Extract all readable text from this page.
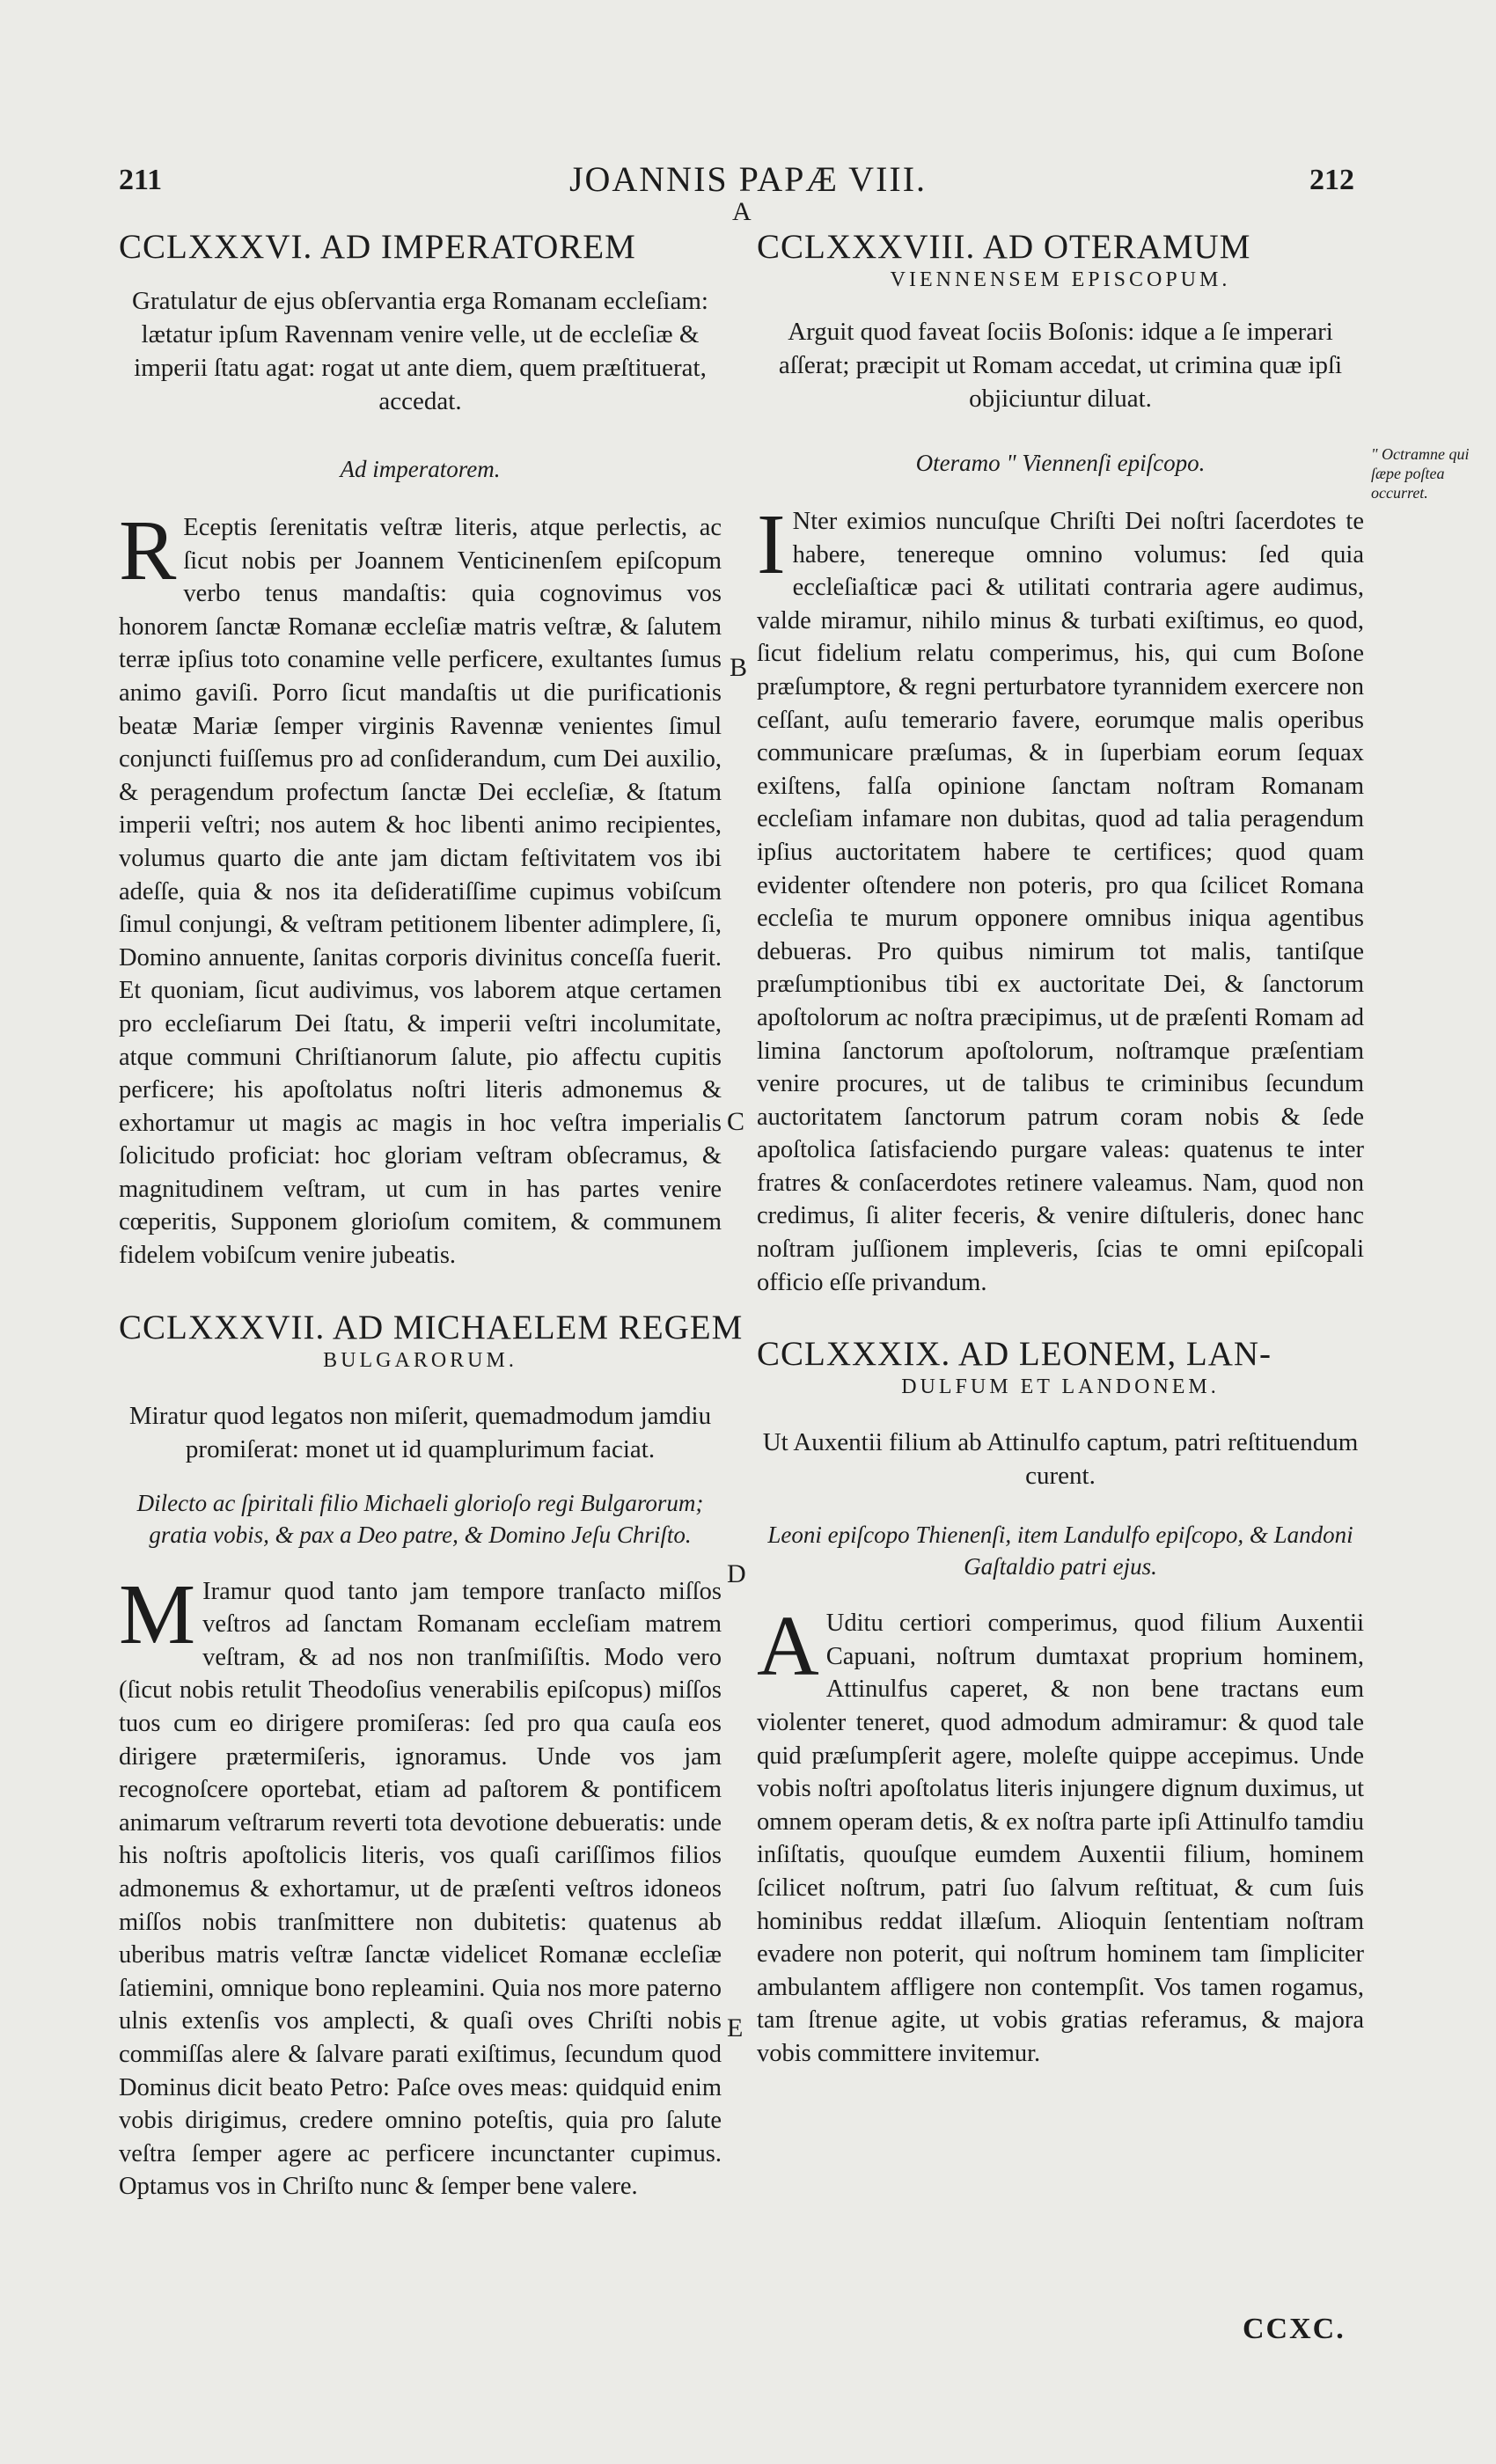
211	JOANNIS PAPÆ VIII.	212
A
B
C
D
E
CCLXXXVI. AD IMPERATOREM
Gratulatur de ejus obſervantia erga Romanam eccleſiam: lætatur ipſum Ravennam venire velle, ut de eccleſiæ & imperii ſtatu agat: rogat ut ante diem, quem præſtituerat, accedat.
Ad imperatorem.

R Eceptis ſerenitatis veſtræ literis, atque perlectis, ac ſicut nobis per Joannem Venticinenſem epiſcopum verbo tenus mandaſtis: quia cognovimus vos honorem ſanctæ Romanæ eccleſiæ matris veſtræ, & ſalutem terræ ipſius toto conamine velle perficere, exultantes ſumus animo gaviſi. Porro ſicut mandaſtis ut die purificationis beatæ Mariæ ſemper virginis Ravennæ venientes ſimul conjuncti fuiſſemus pro ad conſiderandum, cum Dei auxilio, & peragendum profectum ſanctæ Dei eccleſiæ, & ſtatum imperii veſtri; nos autem & hoc libenti animo recipientes, volumus quarto die ante jam dictam feſtivitatem vos ibi adeſſe, quia & nos ita deſideratiſſime cupimus vobiſcum ſimul conjungi, & veſtram petitionem libenter adimplere, ſi, Domino annuente, ſanitas corporis divinitus conceſſa fuerit. Et quoniam, ſicut audivimus, vos laborem atque certamen pro eccleſiarum Dei ſtatu, & imperii veſtri incolumitate, atque communi Chriſtianorum ſalute, pio affectu cupitis perficere; his apoſtolatus noſtri literis admonemus & exhortamur ut magis ac magis in hoc veſtra imperialis ſolicitudo proficiat: hoc gloriam veſtram obſecramus, & magnitudinem veſtram, ut cum in has partes venire cœperitis, Supponem glorioſum comitem, & communem fidelem vobiſcum venire jubeatis.

CCLXXXVII. AD MICHAELEM REGEM
BULGARORUM.
Miratur quod legatos non miſerit, quemadmodum jamdiu promiſerat: monet ut id quamplurimum faciat.
Dilecto ac ſpiritali filio Michaeli glorioſo regi Bulgarorum; gratia vobis, & pax a Deo patre, & Domino Jeſu Chriſto.

M Iramur quod tanto jam tempore tranſacto miſſos veſtros ad ſanctam Romanam eccleſiam matrem veſtram, & ad nos non tranſmiſiſtis. Modo vero (ſicut nobis retulit Theodoſius venerabilis epiſcopus) miſſos tuos cum eo dirigere promiſeras: ſed pro qua cauſa eos dirigere prætermiſeris, ignoramus. Unde vos jam recognoſcere oportebat, etiam ad paſtorem & pontificem animarum veſtrarum reverti tota devotione debueratis: unde his noſtris apoſtolicis literis, vos quaſi cariſſimos filios admonemus & exhortamur, ut de præſenti veſtros idoneos miſſos nobis tranſmittere non dubitetis: quatenus ab uberibus matris veſtræ ſanctæ videlicet Romanæ eccleſiæ ſatiemini, omnique bono repleamini. Quia nos more paterno ulnis extenſis vos amplecti, & quaſi oves Chriſti nobis commiſſas alere & ſalvare parati exiſtimus, ſecundum quod Dominus dicit beato Petro: Paſce oves meas: quidquid enim vobis dirigimus, credere omnino poteſtis, quia pro ſalute veſtra ſemper agere ac perficere incunctanter cupimus. Optamus vos in Chriſto nunc & ſemper bene valere.

CCLXXXVIII. AD OTERAMUM
VIENNENSEM EPISCOPUM.
Arguit quod faveat ſociis Boſonis: idque a ſe imperari aſſerat; præcipit ut Romam accedat, ut crimina quæ ipſi objiciuntur diluat.
Oteramo " Viennenſi epiſcopo.

I Nter eximios nuncuſque Chriſti Dei noſtri ſacerdotes te habere, tenereque omnino volumus: ſed quia eccleſiaſticæ paci & utilitati contraria agere audimus, valde miramur, nihilo minus & turbati exiſtimus, eo quod, ſicut fidelium relatu comperimus, his, qui cum Boſone præſumptore, & regni perturbatore tyrannidem exercere non ceſſant, auſu temerario favere, eorumque malis operibus communicare præſumas, & in ſuperbiam eorum ſequax exiſtens, falſa opinione ſanctam noſtram Romanam eccleſiam infamare non dubitas, quod ad talia peragendum ipſius auctoritatem habere te certifices; quod quam evidenter oſtendere non poteris, pro qua ſcilicet Romana eccleſia te murum opponere omnibus iniqua agentibus debueras. Pro quibus nimirum tot malis, tantiſque præſumptionibus tibi ex auctoritate Dei, & ſanctorum apoſtolorum ac noſtra præcipimus, ut de præſenti Romam ad limina ſanctorum apoſtolorum, noſtramque præſentiam venire procures, ut de talibus te criminibus ſecundum auctoritatem ſanctorum patrum coram nobis & ſede apoſtolica ſatisfaciendo purgare valeas: quatenus te inter fratres & conſacerdotes retinere valeamus. Nam, quod non credimus, ſi aliter feceris, & venire diſtuleris, donec hanc noſtram juſſionem impleveris, ſcias te omni epiſcopali officio eſſe privandum.

CCLXXXIX. AD LEONEM, LAN-
DULFUM ET LANDONEM.
Ut Auxentii filium ab Attinulfo captum, patri reſtituendum curent.
Leoni epiſcopo Thienenſi, item Landulfo epiſcopo, & Landoni Gaſtaldio patri ejus.

A Uditu certiori comperimus, quod filium Auxentii Capuani, noſtrum dumtaxat proprium hominem, Attinulfus caperet, & non bene tractans eum violenter teneret, quod admodum admiramur: & quod tale quid præſumpſerit agere, moleſte quippe accepimus. Unde vobis noſtri apoſtolatus literis injungere dignum duximus, ut omnem operam detis, & ex noſtra parte ipſi Attinulfo tamdiu inſiſtatis, quouſque eumdem Auxentii filium, hominem ſcilicet noſtrum, patri ſuo ſalvum reſtituat, & cum ſuis hominibus reddat illæſum. Alioquin ſententiam noſtram evadere non poterit, qui noſtrum hominem tam ſimpliciter ambulantem affligere non contempſit. Vos tamen rogamus, tam ſtrenue agite, ut vobis gratias referamus, & majora vobis committere invitemur.

" Octramne qui ſæpe poſtea occurret.
CCXC.
